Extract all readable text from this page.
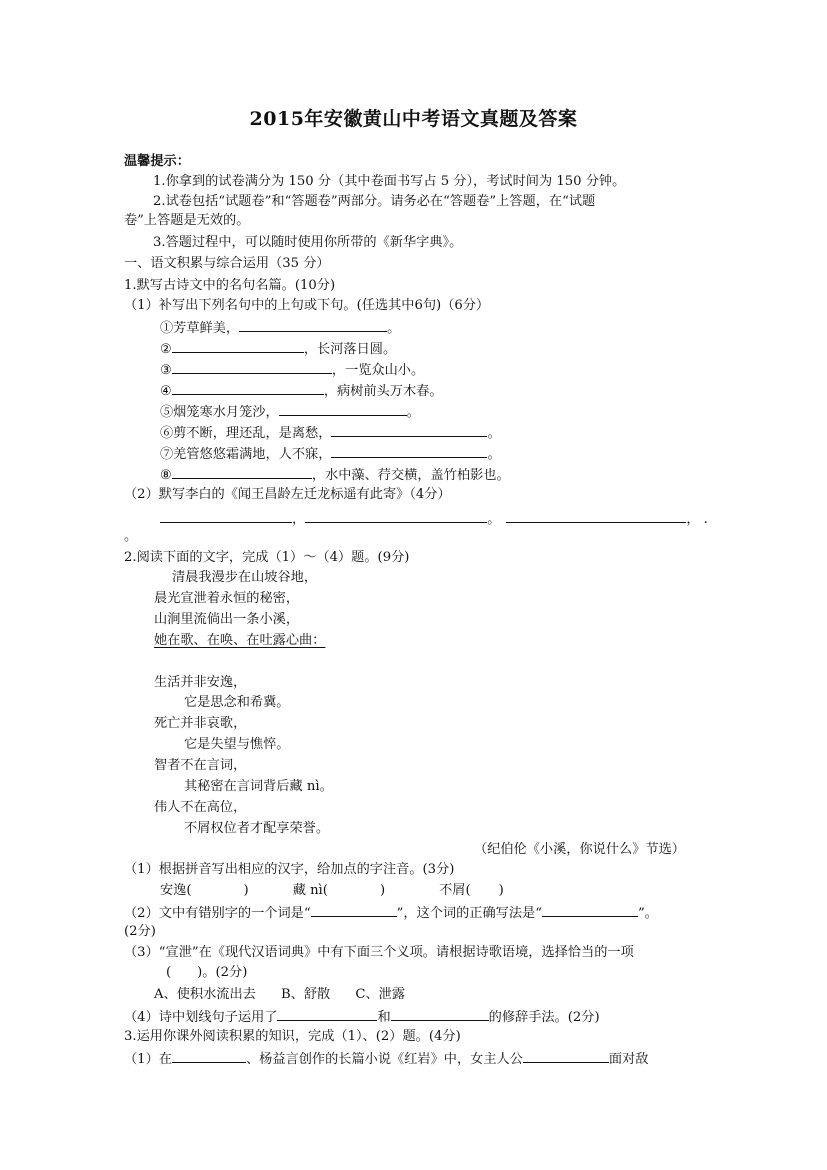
2015年安徽黄山中考语文真题及答案
温馨提示：
1.你拿到的试卷满分为 150 分（其中卷面书写占 5 分），考试时间为 150 分钟。
2.试卷包括“试题卷”和“答题卷”两部分。请务必在“答题卷”上答题，在“试题
卷”上答题是无效的。
3.答题过程中，可以随时使用你所带的《新华字典》。
一、语文积累与综合运用（35 分）
1.默写古诗文中的名句名篇。(10分)
（1）补写出下列名句中的上句或下句。(任选其中6句)（6分）
①芳草鲜美，	。
②	，长河落日圆。
③	，一览众山小。
④	，病树前头万木春。
⑤烟笼寒水月笼沙，	。
⑥剪不断，理还乱，是离愁，	。
⑦羌管悠悠霜满地，人不寐，	。
⑧	，水中藻、荇交横，盖竹柏影也。
（2）默写李白的《闻王昌龄左迁龙标遥有此寄》（4分）
，	。	， .
。
2.阅读下面的文字，完成（1）～（4）题。(9分)
清晨我漫步在山坡谷地，
晨光宣泄着永恒的秘密，
山涧里流倘出一条小溪，
她在歌、在唤、在吐露心曲：
生活并非安逸，
它是思念和希冀。
死亡并非哀歌，
它是失望与憔悴。
智者不在言词，
其秘密在言词背后藏 nì。
伟人不在高位，
不屑权位者才配享荣誉。
（纪伯伦《小溪，你说什么》节选）
（1）根据拼音写出相应的汉字，给加点的字注音。(3分)
安逸(	)	藏 nì(	)	不屑( )
（2）文中有错别字的一个词是“	”，这个词的正确写法是“	”。
(2分)
（3）“宣泄”在《现代汉语词典》中有下面三个义项。请根据诗歌语境，选择恰当的一项
( )。(2分)
A、使积水流出去      B、舒散      C、泄露
（4）诗中划线句子运用了	和	的修辞手法。(2分)
3.运用你课外阅读积累的知识，完成（1）、(2）题。(4分)
（1）在	、杨益言创作的长篇小说《红岩》中，女主人公	面对敌
